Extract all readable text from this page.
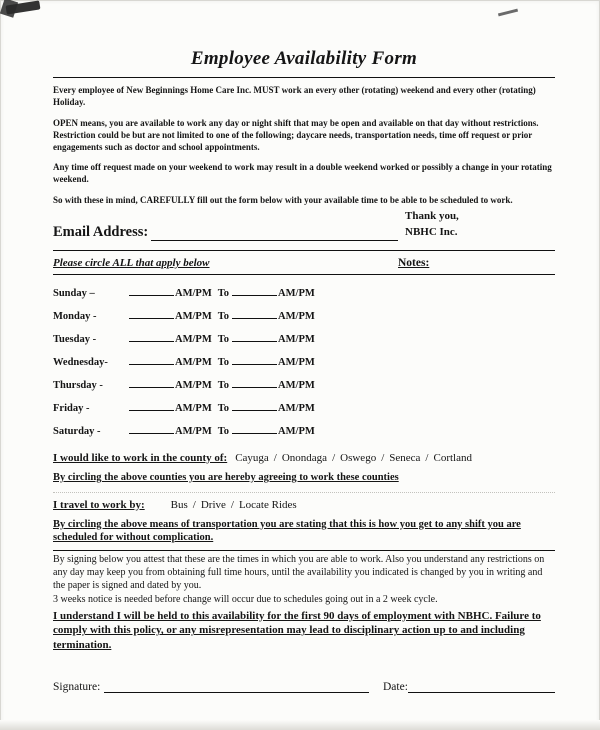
Employee Availability Form

Every employee of New Beginnings Home Care Inc. MUST work an every other (rotating) weekend and every other (rotating) Holiday.

OPEN means, you are available to work any day or night shift that may be open and available on that day without restrictions. Restriction could be but are not limited to one of the following; daycare needs, transportation needs, time off request or prior engagements such as doctor and school appointments.

Any time off request made on your weekend to work may result in a double weekend worked or possibly a change in your rotating weekend.

So with these in mind, CAREFULLY fill out the form below with your available time to be able to be scheduled to work.

Email Address:
Thank you,
NBHC Inc.
Please circle ALL that apply below	Notes:
Sunday –	AM/PM To	AM/PM
Monday -	AM/PM To	AM/PM
Tuesday -	AM/PM To	AM/PM
Wednesday-	AM/PM To	AM/PM
Thursday -	AM/PM To	AM/PM
Friday -	AM/PM To	AM/PM
Saturday -	AM/PM To	AM/PM
I would like to work in the county of: Cayuga / Onondaga / Oswego / Seneca / Cortland

By circling the above counties you are hereby agreeing to work these counties

I travel to work by: Bus / Drive / Locate Rides

By circling the above means of transportation you are stating that this is how you get to any shift you are scheduled for without complication.

By signing below you attest that these are the times in which you are able to work. Also you understand any restrictions on any day may keep you from obtaining full time hours, until the availability you indicated is changed by you in writing and the paper is signed and dated by you.

3 weeks notice is needed before change will occur due to schedules going out in a 2 week cycle.

I understand I will be held to this availability for the first 90 days of employment with NBHC. Failure to comply with this policy, or any misrepresentation may lead to disciplinary action up to and including termination.

Signature:	Date:
